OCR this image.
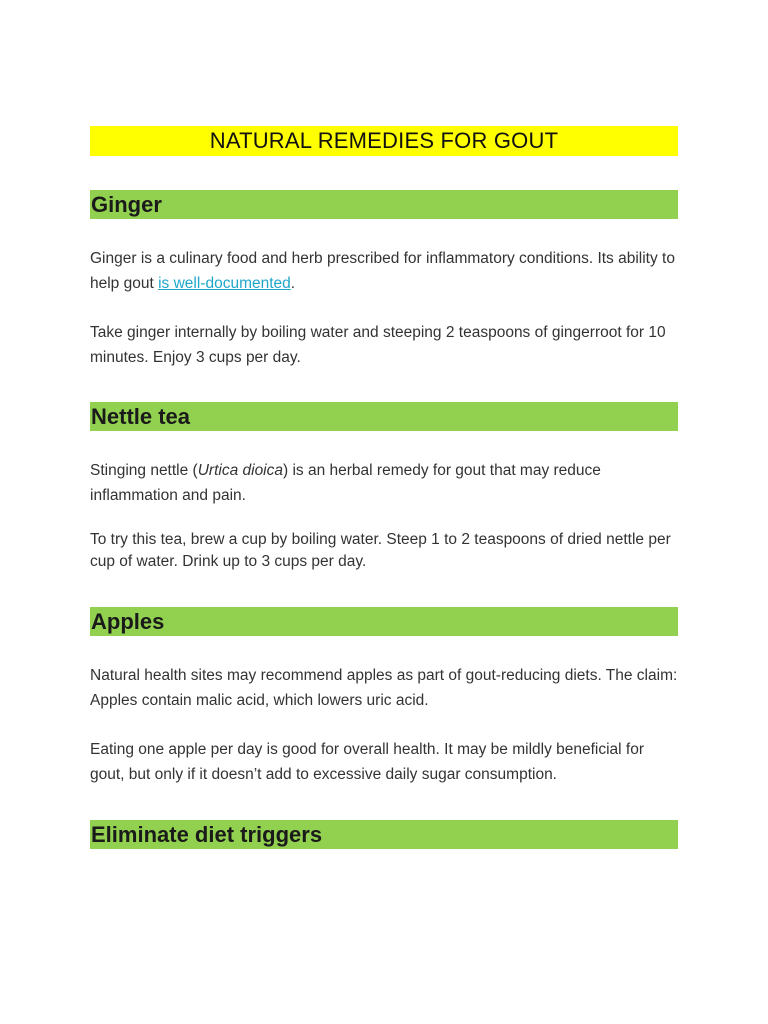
NATURAL REMEDIES FOR GOUT
Ginger

Ginger is a culinary food and herb prescribed for inflammatory conditions. Its ability to help gout is well-documented.

Take ginger internally by boiling water and steeping 2 teaspoons of gingerroot for 10 minutes. Enjoy 3 cups per day.

Nettle tea

Stinging nettle (Urtica dioica) is an herbal remedy for gout that may reduce inflammation and pain.

To try this tea, brew a cup by boiling water. Steep 1 to 2 teaspoons of dried nettle per cup of water. Drink up to 3 cups per day.

Apples

Natural health sites may recommend apples as part of gout-reducing diets. The claim: Apples contain malic acid, which lowers uric acid.

Eating one apple per day is good for overall health. It may be mildly beneficial for gout, but only if it doesn’t add to excessive daily sugar consumption.

Eliminate diet triggers
